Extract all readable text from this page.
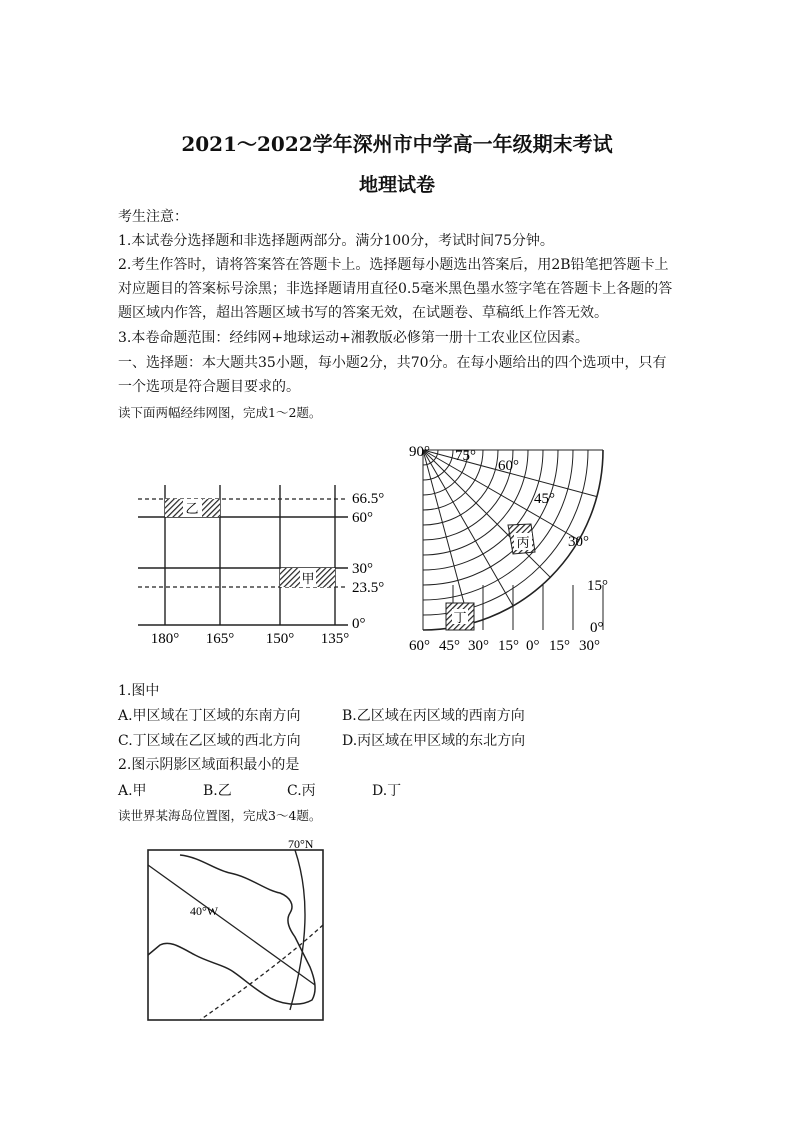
2021～2022学年深州市中学高一年级期末考试
地理试卷
考生注意：
1.本试卷分选择题和非选择题两部分。满分100分，考试时间75分钟。
2.考生作答时，请将答案答在答题卡上。选择题每小题选出答案后，用2B铅笔把答题卡上
对应题目的答案标号涂黑；非选择题请用直径0.5毫米黑色墨水签字笔在答题卡上各题的答
题区域内作答，超出答题区域书写的答案无效，在试题卷、草稿纸上作答无效。
3.本卷命题范围：经纬网+地球运动+湘教版必修第一册十工农业区位因素。
一、选择题：本大题共35小题，每小题2分，共70分。在每小题给出的四个选项中，只有
一个选项是符合题目要求的。
读下面两幅经纬网图，完成1～2题。
乙
甲
66.5°
60°
30°
23.5°
0°
180° 165° 150° 135°
丙
丁
90° 75°
60°
45°
30°
15°
0°
60° 45° 30° 15° 0° 15° 30°
1.图中
A.甲区域在丁区域的东南方向	B.乙区域在丙区域的西南方向
C.丁区域在乙区域的西北方向	D.丙区域在甲区域的东北方向
2.图示阴影区域面积最小的是
A.甲	B.乙	C.丙	D.丁
读世界某海岛位置图，完成3～4题。
70°N
40°W
